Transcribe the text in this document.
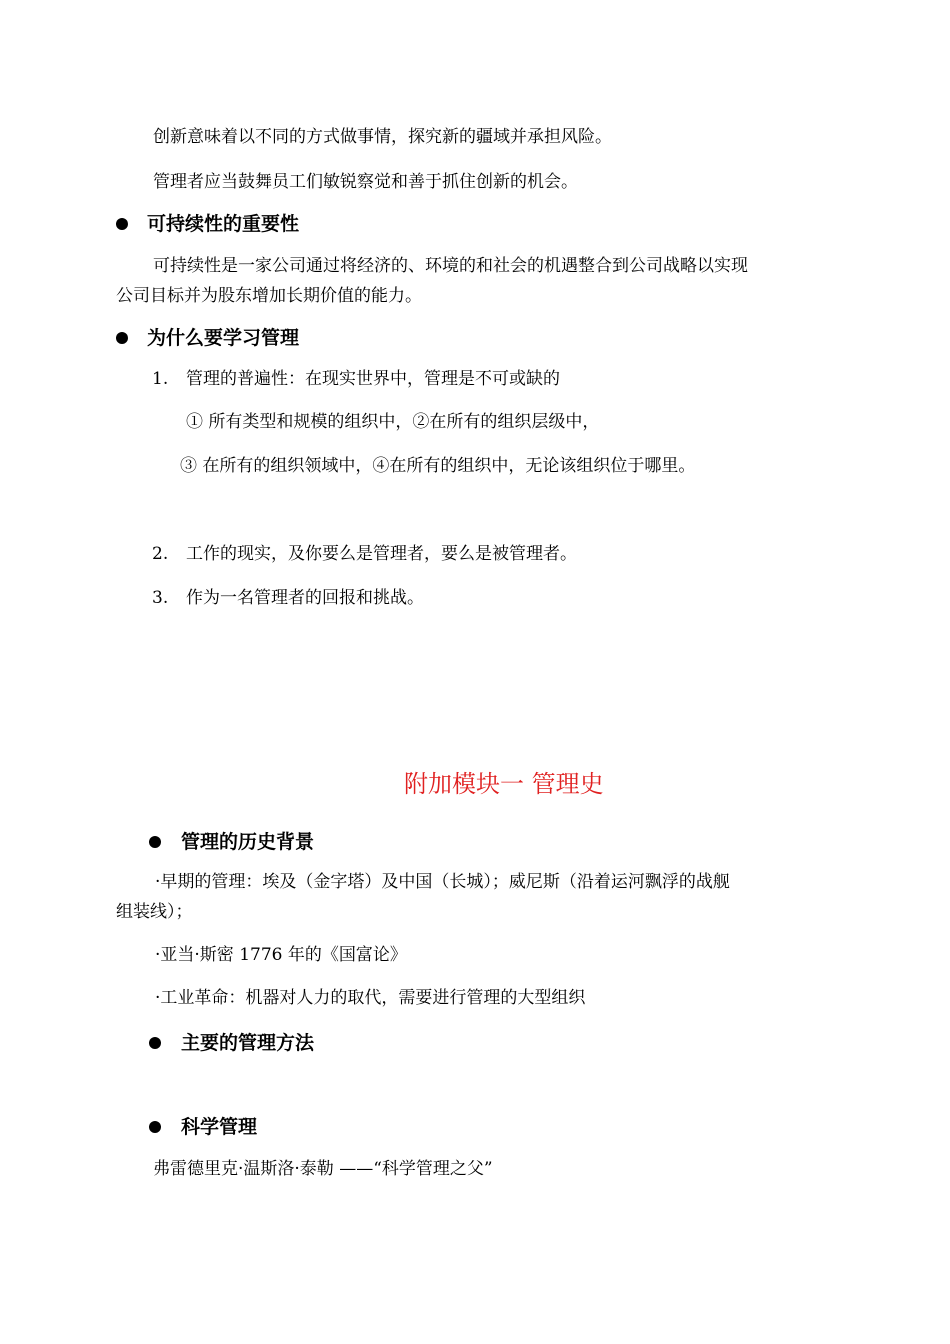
创新意味着以不同的方式做事情，探究新的疆域并承担风险。
管理者应当鼓舞员工们敏锐察觉和善于抓住创新的机会。
可持续性的重要性
可持续性是一家公司通过将经济的、环境的和社会的机遇整合到公司战略以实现
公司目标并为股东增加长期价值的能力。
为什么要学习管理
1. 管理的普遍性：在现实世界中，管理是不可或缺的
① 所有类型和规模的组织中，②在所有的组织层级中，
③ 在所有的组织领域中，④在所有的组织中，无论该组织位于哪里。
2. 工作的现实，及你要么是管理者，要么是被管理者。
3. 作为一名管理者的回报和挑战。
附加模块一 管理史
管理的历史背景
·早期的管理：埃及（金字塔）及中国（长城）；威尼斯（沿着运河飘浮的战舰
组装线）；
·亚当·斯密 1776 年的《国富论》
·工业革命：机器对人力的取代，需要进行管理的大型组织
主要的管理方法
科学管理
弗雷德里克·温斯洛·泰勒 ——“科学管理之父”
